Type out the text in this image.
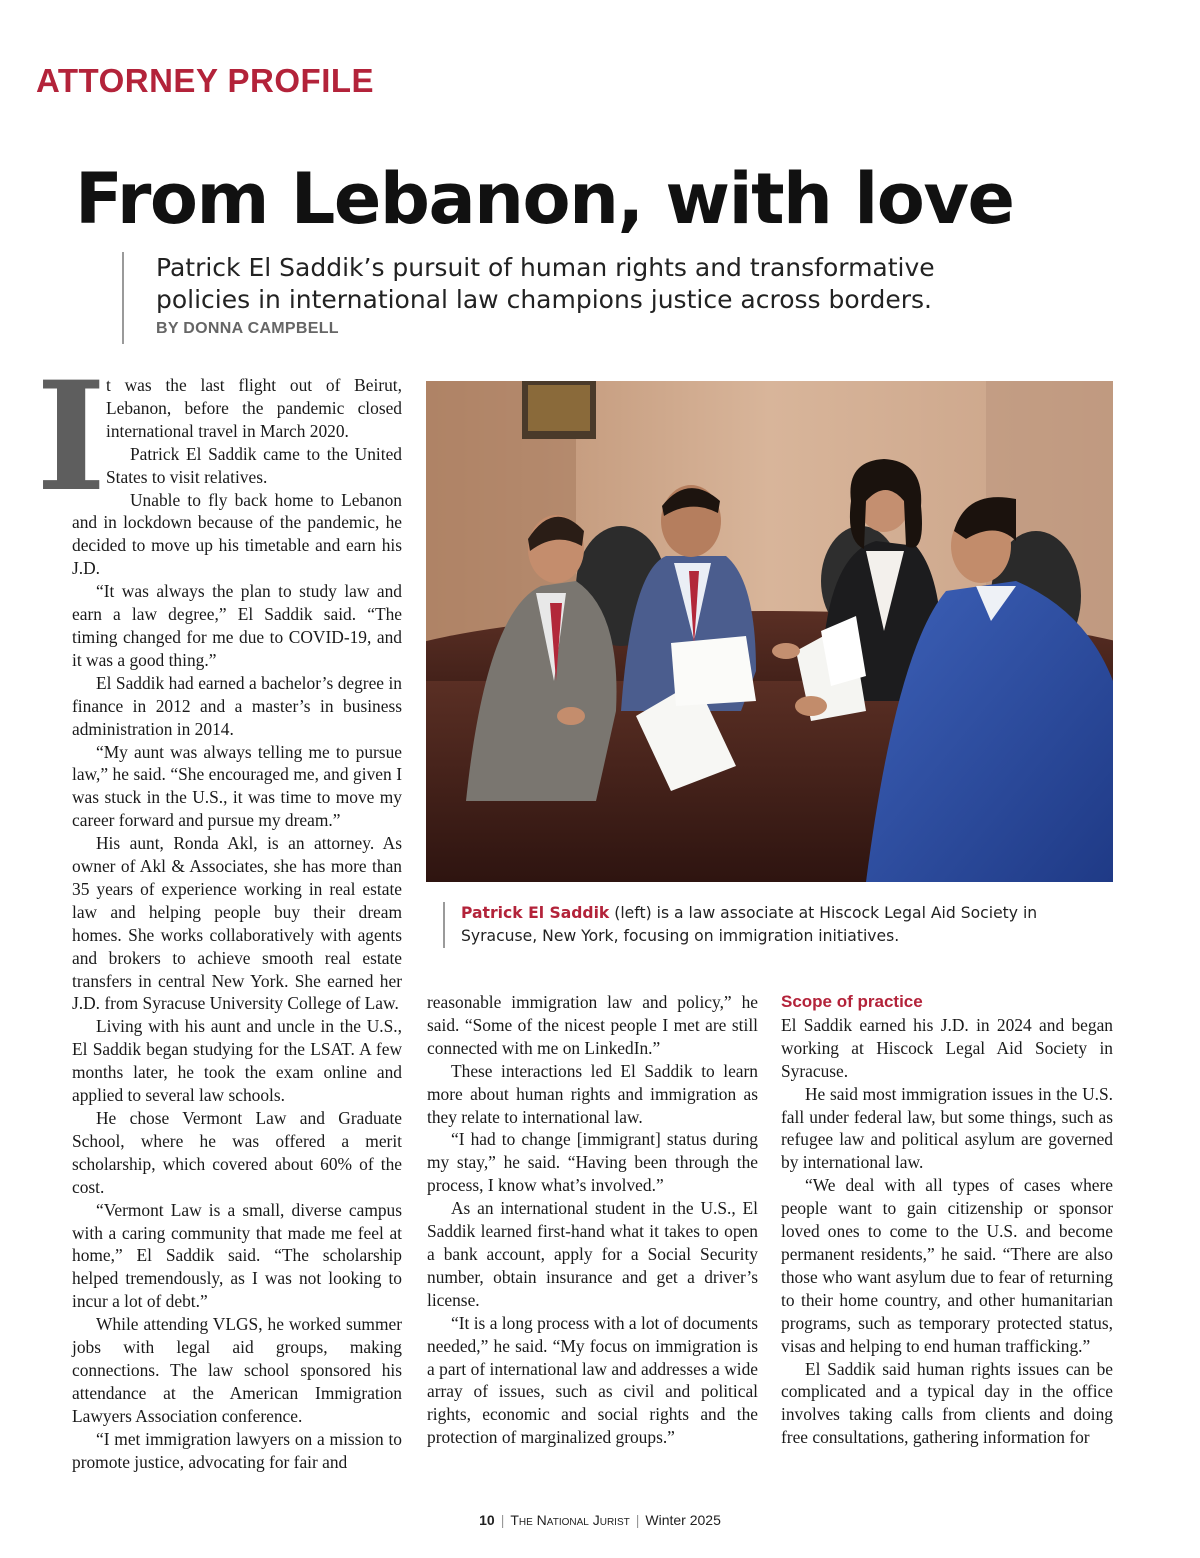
ATTORNEY PROFILE
From Lebanon, with love
Patrick El Saddik’s pursuit of human rights and transformative policies in international law champions justice across borders.
BY DONNA CAMPBELL
I t was the last flight out of Beirut, Lebanon, before the pandemic closed international travel in March 2020.

Patrick El Saddik came to the United States to visit relatives.

Unable to fly back home to Lebanon and in lockdown because of the pandemic, he decided to move up his timetable and earn his J.D.

“It was always the plan to study law and earn a law degree,” El Saddik said. “The timing changed for me due to COVID-19, and it was a good thing.”

El Saddik had earned a bachelor’s degree in finance in 2012 and a master’s in business administration in 2014.

“My aunt was always telling me to pursue law,” he said. “She encouraged me, and given I was stuck in the U.S., it was time to move my career forward and pursue my dream.”

His aunt, Ronda Akl, is an attorney. As owner of Akl & Associates, she has more than 35 years of experience working in real estate law and helping people buy their dream homes. She works collaboratively with agents and brokers to achieve smooth real estate transfers in central New York. She earned her J.D. from Syracuse University College of Law.

Living with his aunt and uncle in the U.S., El Saddik began studying for the LSAT. A few months later, he took the exam online and applied to several law schools.

He chose Vermont Law and Graduate School, where he was offered a merit scholarship, which covered about 60% of the cost.

“Vermont Law is a small, diverse campus with a caring community that made me feel at home,” El Saddik said. “The scholarship helped tremendously, as I was not looking to incur a lot of debt.”

While attending VLGS, he worked summer jobs with legal aid groups, making connections. The law school sponsored his attendance at the American Immigration Lawyers Association conference.

“I met immigration lawyers on a mission to promote justice, advocating for fair and

Patrick El Saddik (left) is a law associate at Hiscock Legal Aid Society in Syracuse, New York, focusing on immigration initiatives.

reasonable immigration law and policy,” he said. “Some of the nicest people I met are still connected with me on LinkedIn.”

These interactions led El Saddik to learn more about human rights and immigration as they relate to international law.

“I had to change [immigrant] status during my stay,” he said. “Having been through the process, I know what’s involved.”

As an international student in the U.S., El Saddik learned first-hand what it takes to open a bank account, apply for a Social Security number, obtain insurance and get a driver’s license.

“It is a long process with a lot of documents needed,” he said. “My focus on immigration is a part of international law and addresses a wide array of issues, such as civil and political rights, economic and social rights and the protection of marginalized groups.”

Scope of practice

El Saddik earned his J.D. in 2024 and began working at Hiscock Legal Aid Society in Syracuse.

He said most immigration issues in the U.S. fall under federal law, but some things, such as refugee law and political asylum are governed by international law.

“We deal with all types of cases where people want to gain citizenship or sponsor loved ones to come to the U.S. and become permanent residents,” he said. “There are also those who want asylum due to fear of returning to their home country, and other humanitarian programs, such as temporary protected status, visas and helping to end human trafficking.”

El Saddik said human rights issues can be complicated and a typical day in the office involves taking calls from clients and doing free consultations, gathering information for

10 | The National Jurist | Winter 2025
